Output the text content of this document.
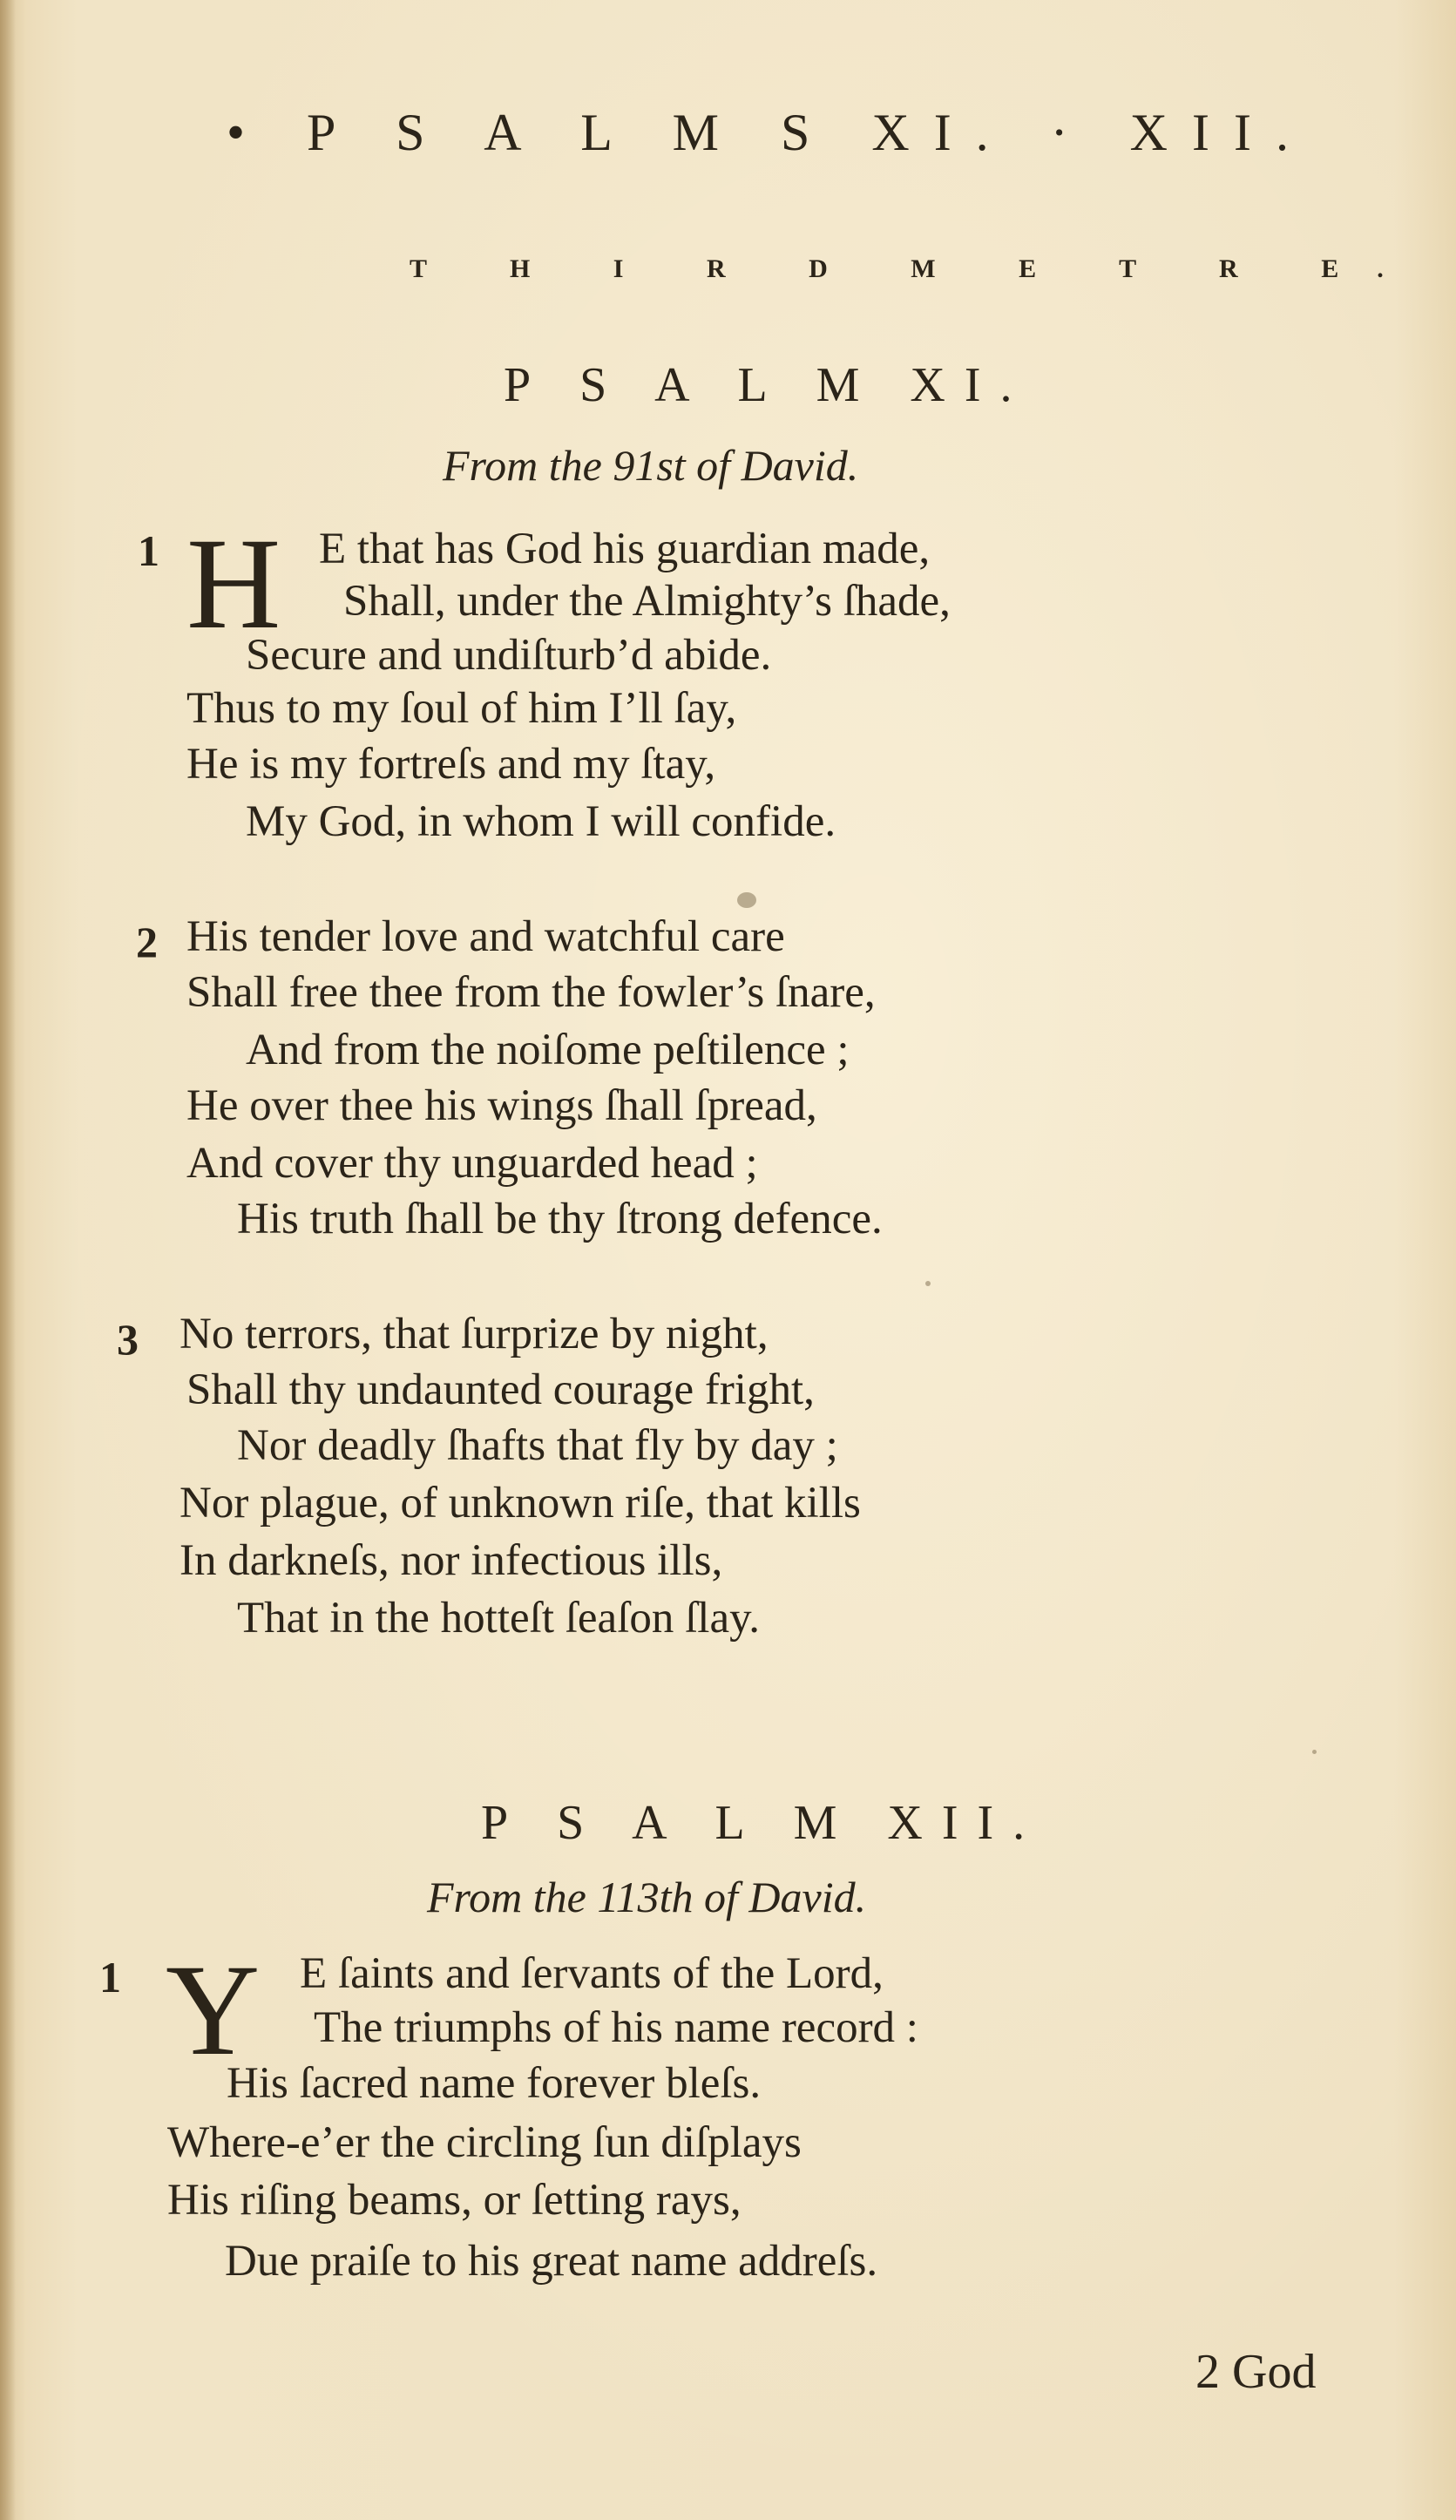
• P S A L M S XI. · XII.
T H I R D M E T R E.
P S A L M XI.
From the 91st of David.
1 H E that has God his guardian made,
Shall, under the Almighty’s ſhade,
Secure and undiſturb’d abide.
Thus to my ſoul of him I’ll ſay,
He is my fortreſs and my ſtay,
My God, in whom I will confide.
2 His tender love and watchful care
Shall free thee from the fowler’s ſnare,
And from the noiſome peſtilence ;
He over thee his wings ſhall ſpread,
And cover thy unguarded head ;
His truth ſhall be thy ſtrong defence.
3 No terrors, that ſurprize by night,
Shall thy undaunted courage fright,
Nor deadly ſhafts that fly by day ;
Nor plague, of unknown riſe, that kills
In darkneſs, nor infectious ills,
That in the hotteſt ſeaſon ſlay.
P S A L M XII.
From the 113th of David.
1 Y E ſaints and ſervants of the Lord,
The triumphs of his name record :
His ſacred name forever bleſs.
Where-e’er the circling ſun diſplays
His riſing beams, or ſetting rays,
Due praiſe to his great name addreſs.
2 God
